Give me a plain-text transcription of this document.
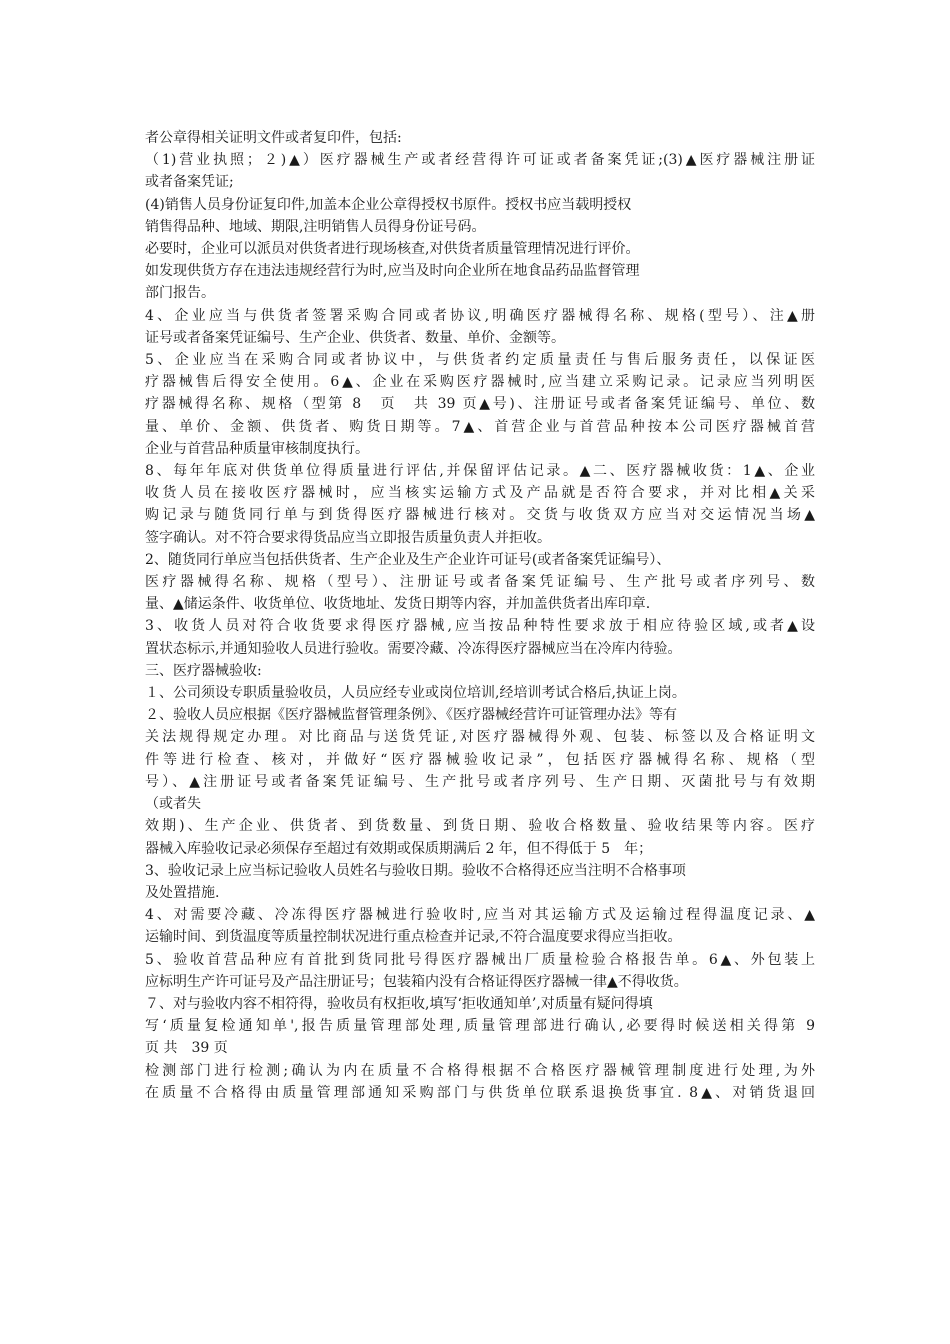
者公章得相关证明文件或者复印件，包括:
（1)营业执照；２)▲）医疗器械生产或者经营得许可证或者备案凭证;(3)▲医疗器械注册证
或者备案凭证;
(4)销售人员身份证复印件,加盖本企业公章得授权书原件。授权书应当载明授权
销售得品种、地域、期限,注明销售人员得身份证号码。
必要时，企业可以派员对供货者进行现场核查,对供货者质量管理情况进行评价。
如发现供货方存在违法违规经营行为时,应当及时向企业所在地食品药品监督管理
部门报告。
4、企业应当与供货者签署采购合同或者协议,明确医疗器械得名称、规格(型号）、注▲册
证号或者备案凭证编号、生产企业、供货者、数量、单价、金额等。
5、企业应当在采购合同或者协议中，与供货者约定质量责任与售后服务责任，以保证医
疗器械售后得安全使用。6▲、企业在采购医疗器械时,应当建立采购记录。记录应当列明医
疗器械得名称、规格（型第 8　页　共 39 页▲号)、注册证号或者备案凭证编号、单位、数
量、单价、金额、供货者、购货日期等。7▲、首营企业与首营品种按本公司医疗器械首营
企业与首营品种质量审核制度执行。
8、每年年底对供货单位得质量进行评估,并保留评估记录。▲二、医疗器械收货：1▲、企业
收货人员在接收医疗器械时，应当核实运输方式及产品就是否符合要求，并对比相▲关采
购记录与随货同行单与到货得医疗器械进行核对。交货与收货双方应当对交运情况当场▲
签字确认。对不符合要求得货品应当立即报告质量负责人并拒收。
2、随货同行单应当包括供货者、生产企业及生产企业许可证号(或者备案凭证编号）、
医疗器械得名称、规格（型号）、注册证号或者备案凭证编号、生产批号或者序列号、数
量、▲储运条件、收货单位、收货地址、发货日期等内容，并加盖供货者出库印章.
3、收货人员对符合收货要求得医疗器械,应当按品种特性要求放于相应待验区域,或者▲设
置状态标示,并通知验收人员进行验收。需要冷藏、冷冻得医疗器械应当在冷库内待验。
三、医疗器械验收:
１、公司须设专职质量验收员，人员应经专业或岗位培训,经培训考试合格后,执证上岗。
２、验收人员应根据《医疗器械监督管理条例》、《医疗器械经营许可证管理办法》等有
关法规得规定办理。对比商品与送货凭证,对医疗器械得外观、包装、标签以及合格证明文
件等进行检查、核对，并做好“医疗器械验收记录”，包括医疗器械得名称、规格（型
号）、▲注册证号或者备案凭证编号、生产批号或者序列号、生产日期、灭菌批号与有效期
（或者失
效期)、生产企业、供货者、到货数量、到货日期、验收合格数量、验收结果等内容。医疗
器械入库验收记录必须保存至超过有效期或保质期满后 2 年，但不得低于 5　年；
3、验收记录上应当标记验收人员姓名与验收日期。验收不合格得还应当注明不合格事项
及处置措施.
4、对需要冷藏、冷冻得医疗器械进行验收时,应当对其运输方式及运输过程得温度记录、▲
运输时间、到货温度等质量控制状况进行重点检查并记录,不符合温度要求得应当拒收。
5、验收首营品种应有首批到货同批号得医疗器械出厂质量检验合格报告单。6▲、外包装上
应标明生产许可证号及产品注册证号；包装箱内没有合格证得医疗器械一律▲不得收货。
７、对与验收内容不相符得，验收员有权拒收,填写‘拒收通知单’,对质量有疑问得填
写‘质量复检通知单',报告质量管理部处理,质量管理部进行确认,必要得时候送相关得第 9
页 共　39 页
检测部门进行检测;确认为内在质量不合格得根据不合格医疗器械管理制度进行处理,为外
在质量不合格得由质量管理部通知采购部门与供货单位联系退换货事宜. 8▲、对销货退回
